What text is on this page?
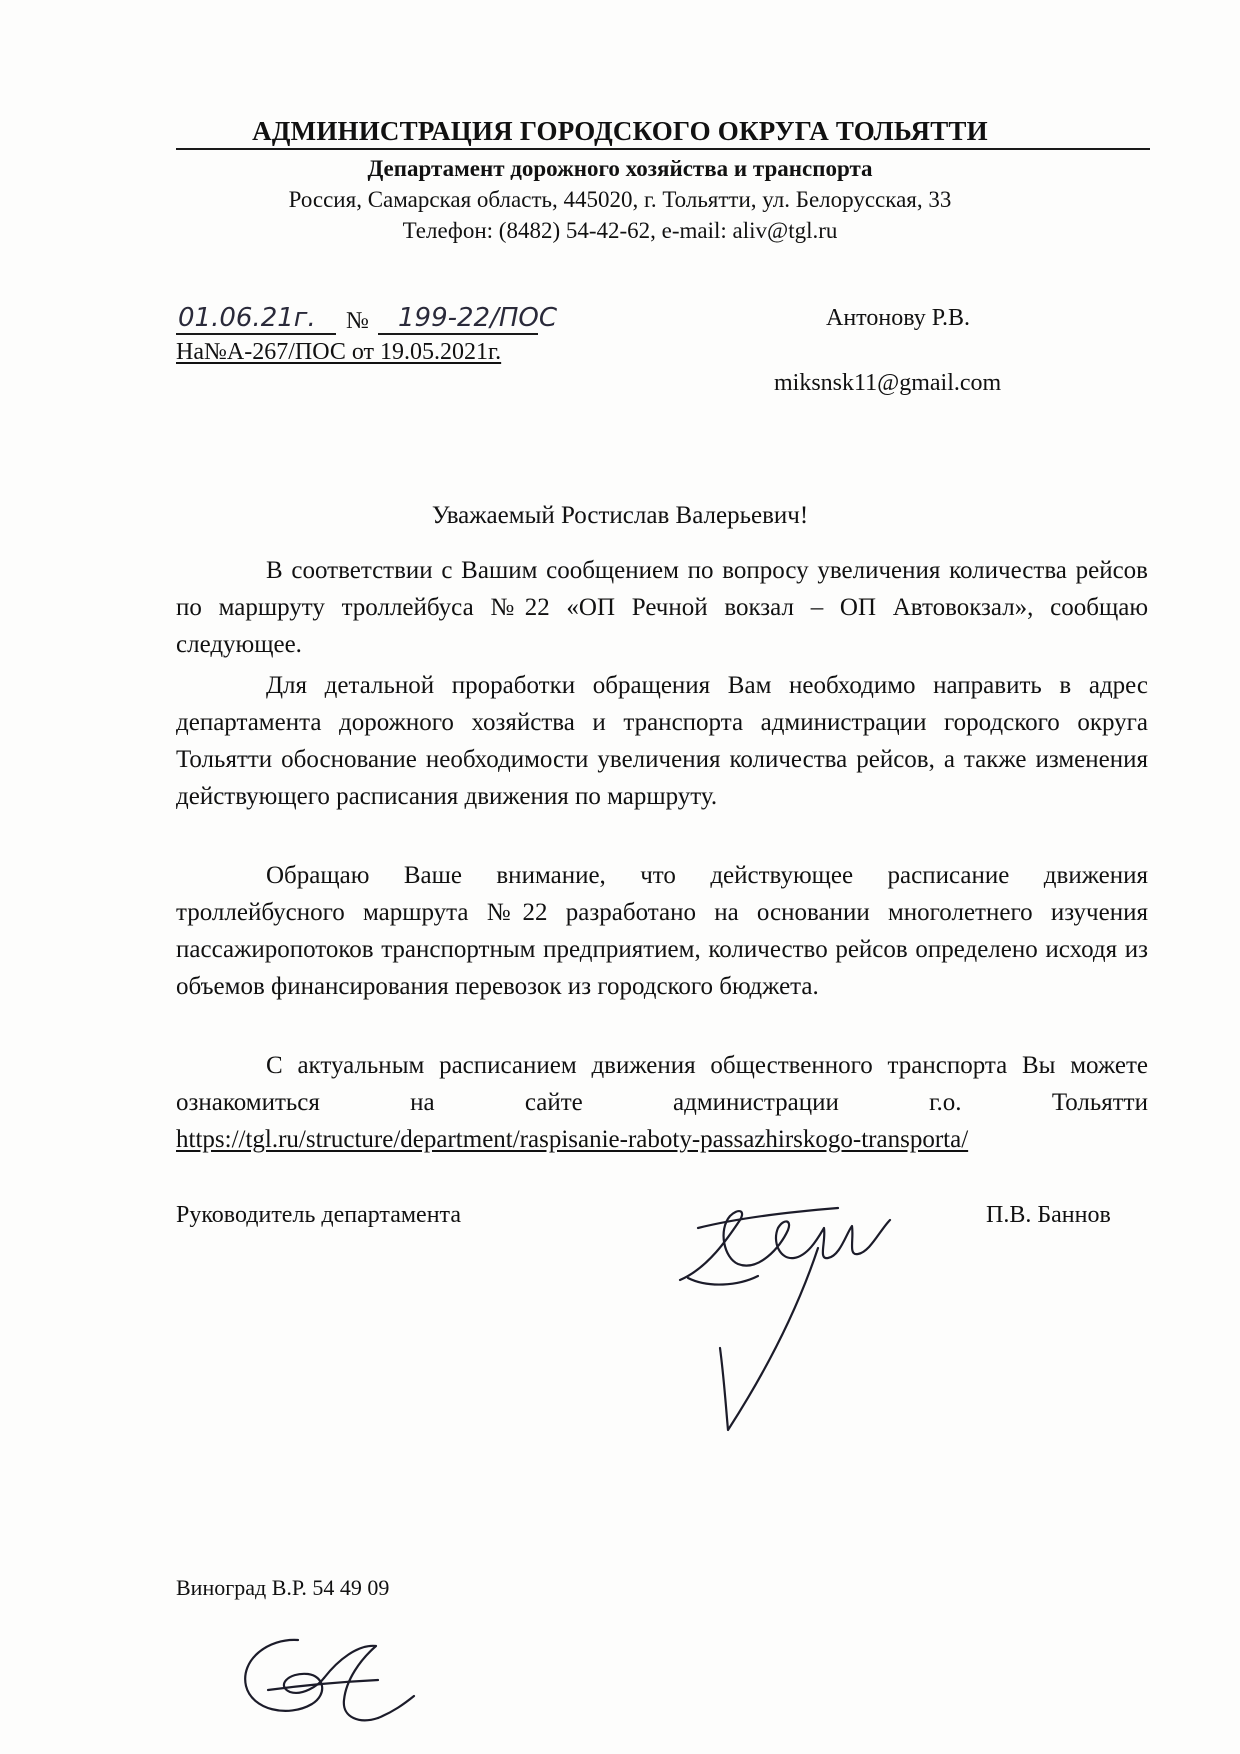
АДМИНИСТРАЦИЯ ГОРОДСКОГО ОКРУГА ТОЛЬЯТТИ
Департамент дорожного хозяйства и транспорта
Россия, Самарская область, 445020, г. Тольятти, ул. Белорусская, 33
Телефон: (8482) 54-42-62, e-mail: aliv@tgl.ru
01.06.21г. № 199-22/ПОС
На№А-267/ПОС от 19.05.2021г.
Антонову Р.В.
miksnsk11@gmail.com
Уважаемый Ростислав Валерьевич!
В соответствии с Вашим сообщением по вопросу увеличения количества рейсов по маршруту троллейбуса №22 «ОП Речной вокзал – ОП Автовокзал», сообщаю следующее.
Для детальной проработки обращения Вам необходимо направить в адрес департамента дорожного хозяйства и транспорта администрации городского округа Тольятти обоснование необходимости увеличения количества рейсов, а также изменения действующего расписания движения по маршруту.
Обращаю Ваше внимание, что действующее расписание движения троллейбусного маршрута №22 разработано на основании многолетнего изучения пассажиропотоков транспортным предприятием, количество рейсов определено исходя из объемов финансирования перевозок из городского бюджета.
С актуальным расписанием движения общественного транспорта Вы можете ознакомиться на сайте администрации г.о. Тольятти https://tgl.ru/structure/department/raspisanie-raboty-passazhirskogo-transporta/
Руководитель департамента	П.В. Баннов
Виноград В.Р. 54 49 09
